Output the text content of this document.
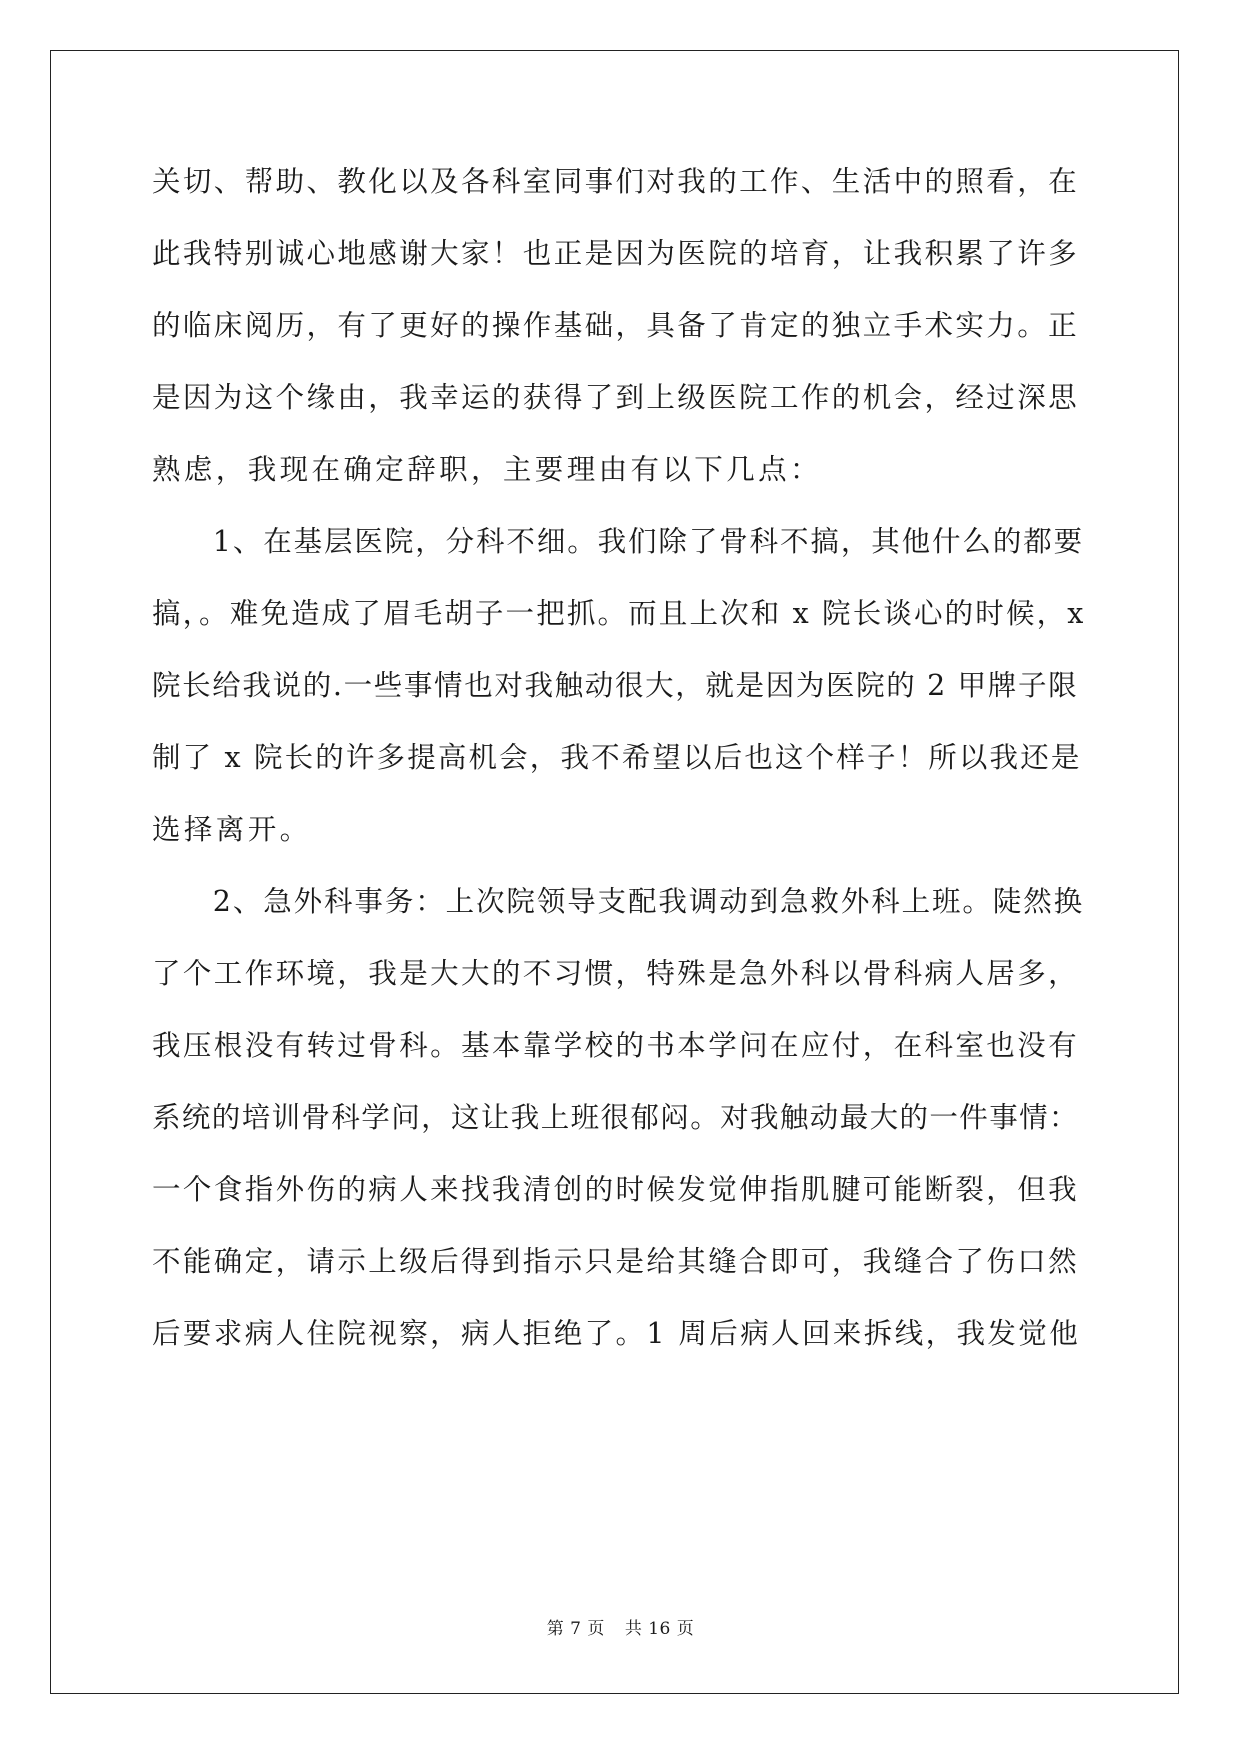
关切、帮助、教化以及各科室同事们对我的工作、生活中的照看，在
此我特别诚心地感谢大家！也正是因为医院的培育，让我积累了许多
的临床阅历，有了更好的操作基础，具备了肯定的独立手术实力。正
是因为这个缘由，我幸运的获得了到上级医院工作的机会，经过深思
熟虑，我现在确定辞职，主要理由有以下几点：
　　1、在基层医院，分科不细。我们除了骨科不搞，其他什么的都要
搞，。难免造成了眉毛胡子一把抓。而且上次和 x 院长谈心的时候，x
院长给我说的.一些事情也对我触动很大，就是因为医院的 2 甲牌子限
制了 x 院长的许多提高机会，我不希望以后也这个样子！所以我还是
选择离开。
　　2、急外科事务：上次院领导支配我调动到急救外科上班。陡然换
了个工作环境，我是大大的不习惯，特殊是急外科以骨科病人居多，
我压根没有转过骨科。基本靠学校的书本学问在应付，在科室也没有
系统的培训骨科学问，这让我上班很郁闷。对我触动最大的一件事情：
一个食指外伤的病人来找我清创的时候发觉伸指肌腱可能断裂，但我
不能确定，请示上级后得到指示只是给其缝合即可，我缝合了伤口然
后要求病人住院视察，病人拒绝了。1 周后病人回来拆线，我发觉他
第 7 页 共 16 页
